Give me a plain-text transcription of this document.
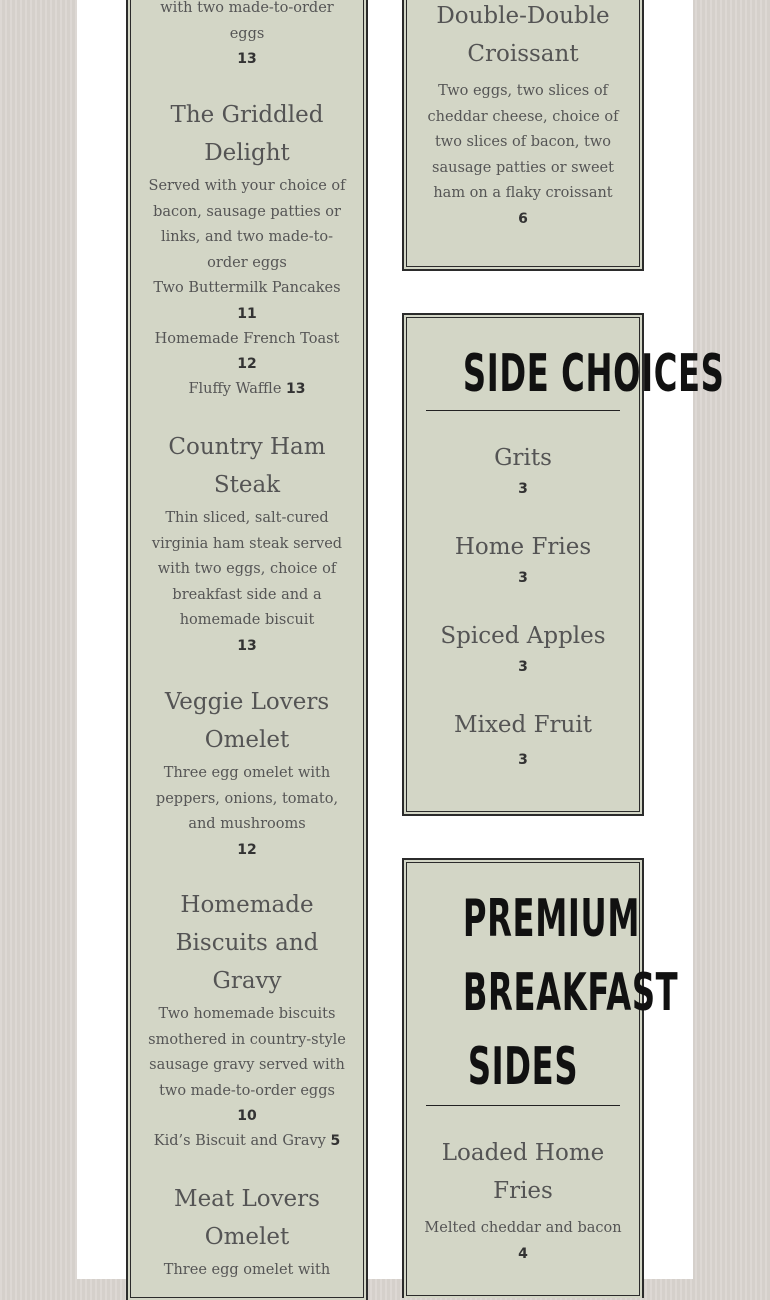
with two made-to-order eggs
13
The Griddled Delight
Served with your choice of bacon, sausage patties or links, and two made-to-order eggs
Two Buttermilk Pancakes
11
Homemade French Toast
12
Fluffy Waffle 13
Country Ham Steak
Thin sliced, salt-cured virginia ham steak served with two eggs, choice of breakfast side and a homemade biscuit
13
Veggie Lovers Omelet
Three egg omelet with peppers, onions, tomato, and mushrooms
12
Homemade Biscuits and Gravy
Two homemade biscuits smothered in country-style sausage gravy served with two made-to-order eggs
10
Kid’s Biscuit and Gravy 5
Meat Lovers Omelet
Three egg omelet with
Double-Double Croissant
Two eggs, two slices of cheddar cheese, choice of two slices of bacon, two sausage patties or sweet ham on a flaky croissant
6
SIDE CHOICES
Grits
3
Home Fries
3
Spiced Apples
3
Mixed Fruit
3
PREMIUM
BREAKFAST
SIDES
Loaded Home Fries
Melted cheddar and bacon
4
